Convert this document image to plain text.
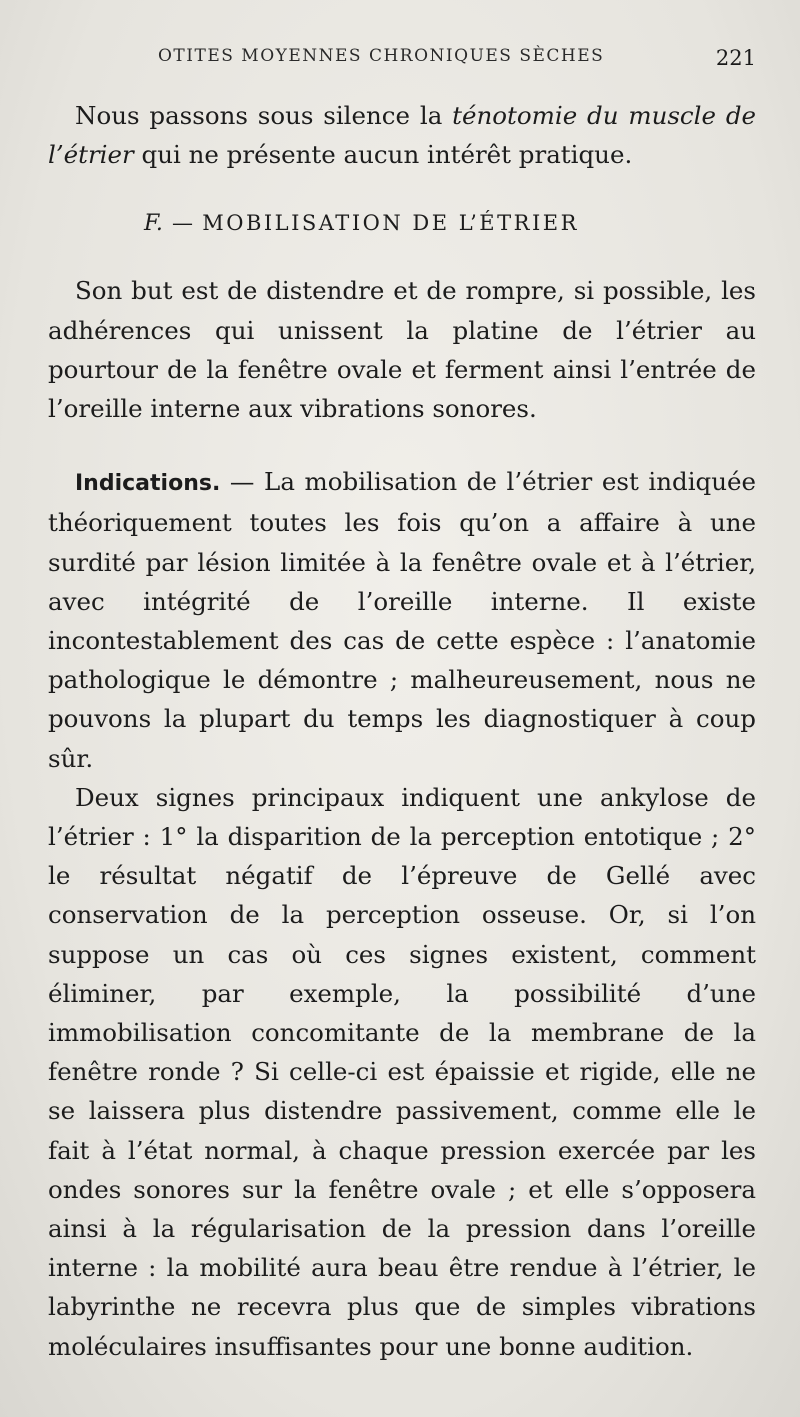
OTITES MOYENNES CHRONIQUES SÈCHES	221

Nous passons sous silence la ténotomie du muscle de l’étrier qui ne présente aucun intérêt pratique.

F. — MOBILISATION DE L’ÉTRIER

Son but est de distendre et de rompre, si possible, les adhérences qui unissent la platine de l’étrier au pourtour de la fenêtre ovale et ferment ainsi l’entrée de l’oreille interne aux vibrations sonores.

Indications. — La mobilisation de l’étrier est indiquée théoriquement toutes les fois qu’on a affaire à une surdité par lésion limitée à la fenêtre ovale et à l’étrier, avec intégrité de l’oreille interne. Il existe incontestablement des cas de cette espèce : l’anatomie pathologique le démontre ; malheureusement, nous ne pouvons la plupart du temps les diagnostiquer à coup sûr.

Deux signes principaux indiquent une ankylose de l’étrier : 1° la disparition de la perception entotique ; 2° le résultat négatif de l’épreuve de Gellé avec conservation de la perception osseuse. Or, si l’on suppose un cas où ces signes existent, comment éliminer, par exemple, la possibilité d’une immobilisation concomitante de la membrane de la fenêtre ronde ? Si celle-ci est épaissie et rigide, elle ne se laissera plus distendre passivement, comme elle le fait à l’état normal, à chaque pression exercée par les ondes sonores sur la fenêtre ovale ; et elle s’opposera ainsi à la régularisation de la pression dans l’oreille interne : la mobilité aura beau être rendue à l’étrier, le labyrinthe ne recevra plus que de simples vibrations moléculaires insuffisantes pour une bonne audition.
